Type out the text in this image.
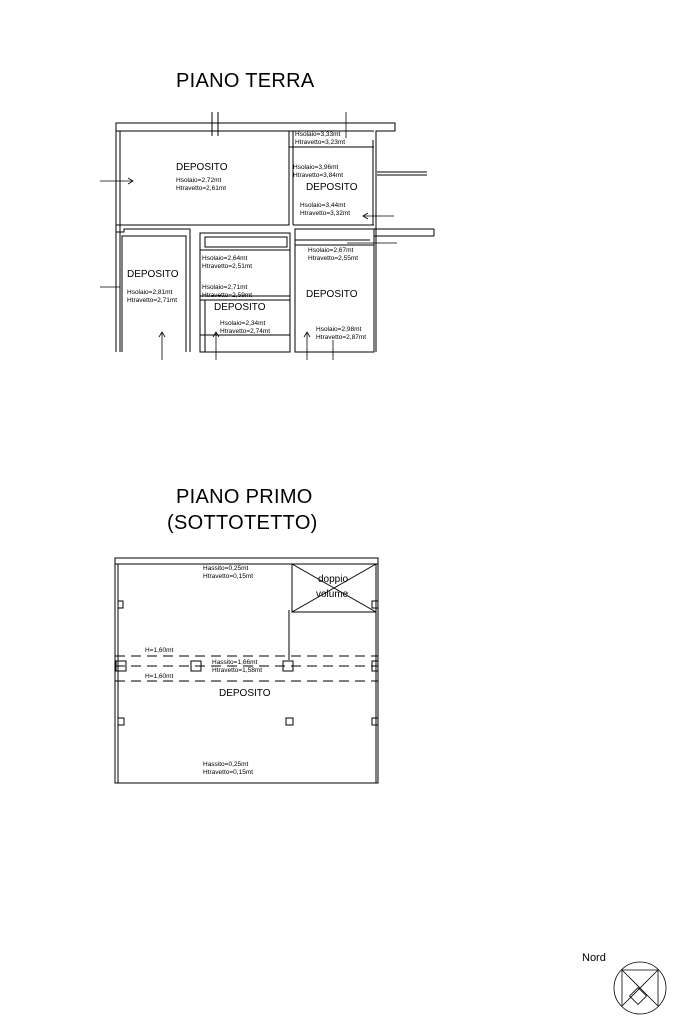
PIANO TERRA
DEPOSITO
DEPOSITO
DEPOSITO
DEPOSITO
DEPOSITO
Hsolaio=2,72mt
Htravetto=2,61mt
Hsolaio=3,33mt
Htravetto=3,23mt
Hsolaio=3,96mt
Htravetto=3,84mt
Hsolaio=3,44mt
Htravetto=3,32mt
Hsolaio=2,81mt
Htravetto=2,71mt
Hsolaio=2,64mt
Htravetto=2,51mt
Hsolaio=2,71mt
Htravetto=2,59mt
Hsolaio=2,34mt
Htravetto=2,74mt
Hsolaio=2,67mt
Htravetto=2,55mt
Hsolaio=2,98mt
Htravetto=2,87mt
PIANO PRIMO
(SOTTOTETTO)
DEPOSITO
doppio
volume
Hassito=0,25mt
Htravetto=0,15mt
Hassito=1,66mt
Htravetto=1,58mt
Hassito=0,25mt
Htravetto=0,15mt
H=1,60mt
H=1,60mt
Nord
